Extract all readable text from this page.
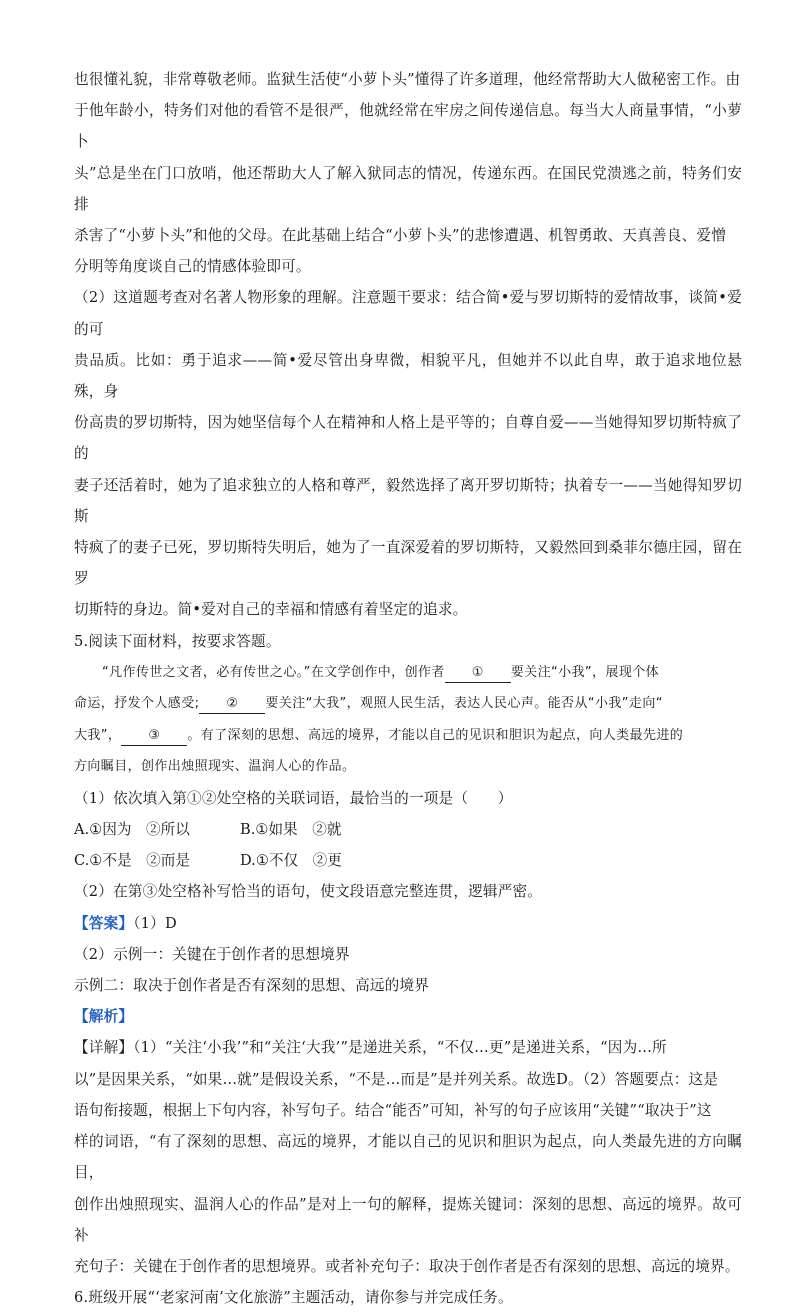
也很懂礼貌，非常尊敬老师。监狱生活使“小萝卜头”懂得了许多道理，他经常帮助大人做秘密工作。由

于他年龄小，特务们对他的看管不是很严，他就经常在牢房之间传递信息。每当大人商量事情，“小萝卜

头”总是坐在门口放哨，他还帮助大人了解入狱同志的情况，传递东西。在国民党溃逃之前，特务们安排

杀害了“小萝卜头”和他的父母。在此基础上结合“小萝卜头”的悲惨遭遇、机智勇敢、天真善良、爱憎

分明等角度谈自己的情感体验即可。

（2）这道题考查对名著人物形象的理解。注意题干要求：结合简•爱与罗切斯特的爱情故事，谈简•爱的可

贵品质。比如：勇于追求——简•爱尽管出身卑微，相貌平凡，但她并不以此自卑，敢于追求地位悬殊，身

份高贵的罗切斯特，因为她坚信每个人在精神和人格上是平等的；自尊自爱——当她得知罗切斯特疯了的

妻子还活着时，她为了追求独立的人格和尊严，毅然选择了离开罗切斯特；执着专一——当她得知罗切斯

特疯了的妻子已死，罗切斯特失明后，她为了一直深爱着的罗切斯特，又毅然回到桑菲尔德庄园，留在罗

切斯特的身边。简•爱对自己的幸福和情感有着坚定的追求。

5.阅读下面材料，按要求答题。

“凡作传世之文者，必有传世之心。”在文学创作中，创作者 ① 要关注“小我”，展现个体

命运，抒发个人感受; ② 要关注“大我”，观照人民生活，表达人民心声。能否从“小我”走向“

大我”， ③ 。有了深刻的思想、高远的境界，才能以自己的见识和胆识为起点，向人类最先进的

方向瞩目，创作出烛照现实、温润人心的作品。

（1）依次填入第①②处空格的关联词语，最恰当的一项是（　　）

A.①因为　②所以	B.①如果　②就
C.①不是　②而是	D.①不仅　②更

（2）在第③处空格补写恰当的语句，使文段语意完整连贯，逻辑严密。

【答案】（1）D

（2）示例一：关键在于创作者的思想境界

示例二：取决于创作者是否有深刻的思想、高远的境界

【解析】

【详解】（1）“关注‘小我’”和“关注‘大我’”是递进关系，“不仅…更”是递进关系，“因为…所

以”是因果关系，“如果…就”是假设关系，“不是…而是”是并列关系。故选D。（2）答题要点：这是

语句衔接题，根据上下句内容，补写句子。结合“能否”可知，补写的句子应该用“关键”“取决于”这

样的词语，“有了深刻的思想、高远的境界，才能以自己的见识和胆识为起点，向人类最先进的方向瞩目，

创作出烛照现实、温润人心的作品”是对上一句的解释，提炼关键词：深刻的思想、高远的境界。故可补

充句子：关键在于创作者的思想境界。或者补充句子：取决于创作者是否有深刻的思想、高远的境界。

6.班级开展“‘老家河南’文化旅游”主题活动，请你参与并完成任务。
